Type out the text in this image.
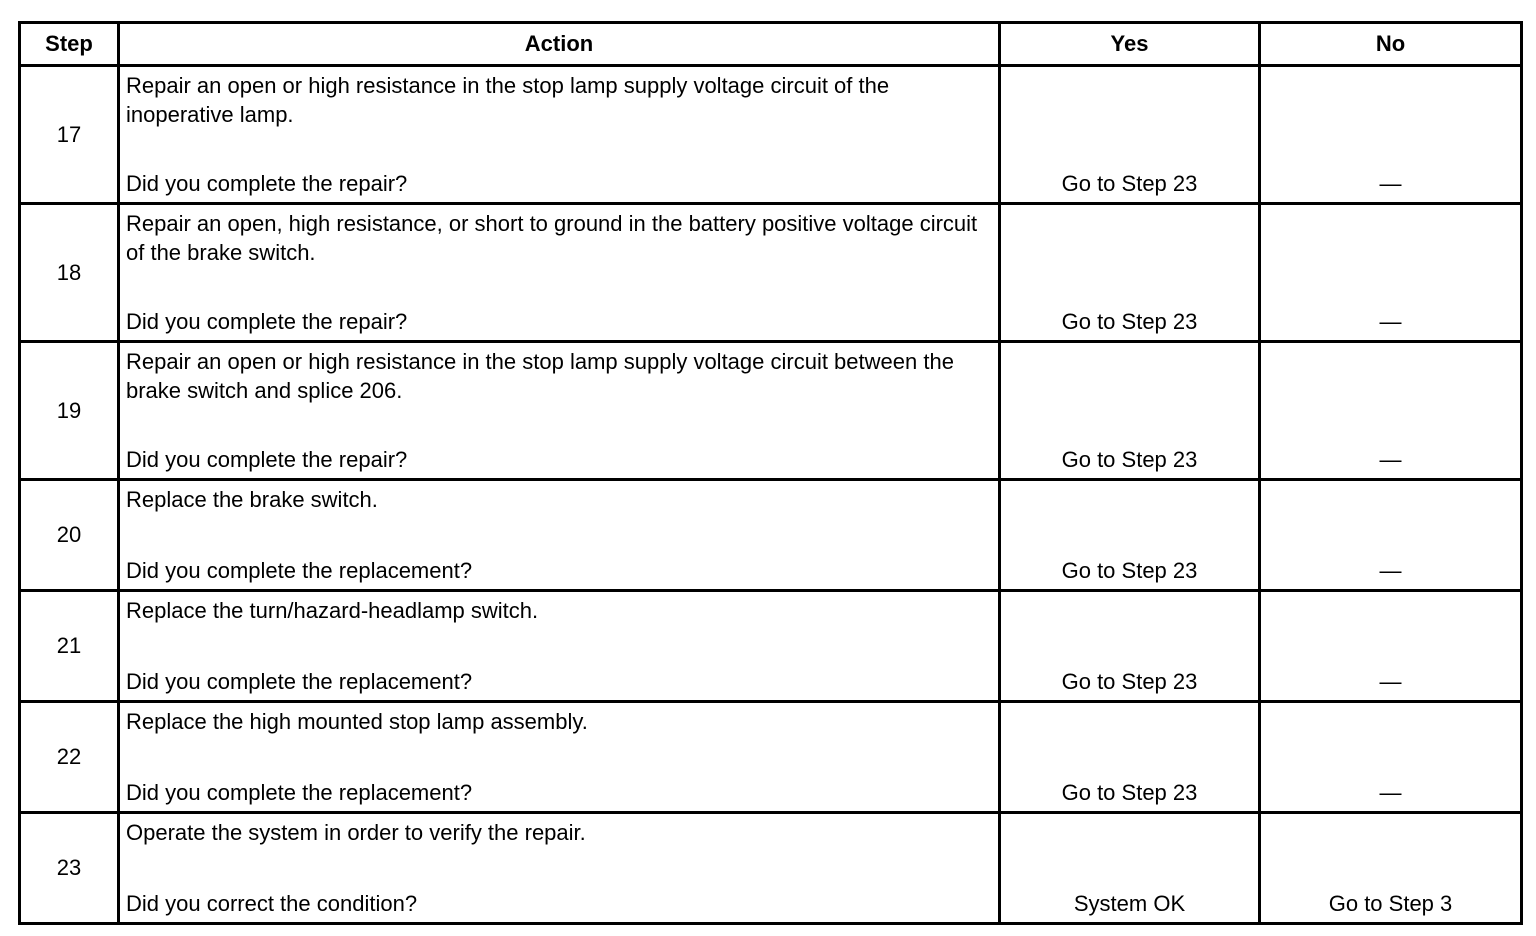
Step	Action	Yes	No
17	Repair an open or high resistance in the stop lamp supply voltage circuit of the inoperative lamp.
Did you complete the repair?	Go to Step 23	—

18	Repair an open, high resistance, or short to ground in the battery positive voltage circuit of the brake switch.
Did you complete the repair?	Go to Step 23	—

19	Repair an open or high resistance in the stop lamp supply voltage circuit between the brake switch and splice 206.
Did you complete the repair?	Go to Step 23	—

20	Replace the brake switch.
Did you complete the replacement?	Go to Step 23	—

21	Replace the turn/hazard-headlamp switch.
Did you complete the replacement?	Go to Step 23	—

22	Replace the high mounted stop lamp assembly.
Did you complete the replacement?	Go to Step 23	—

23	Operate the system in order to verify the repair.
Did you correct the condition?	System OK	Go to Step 3
